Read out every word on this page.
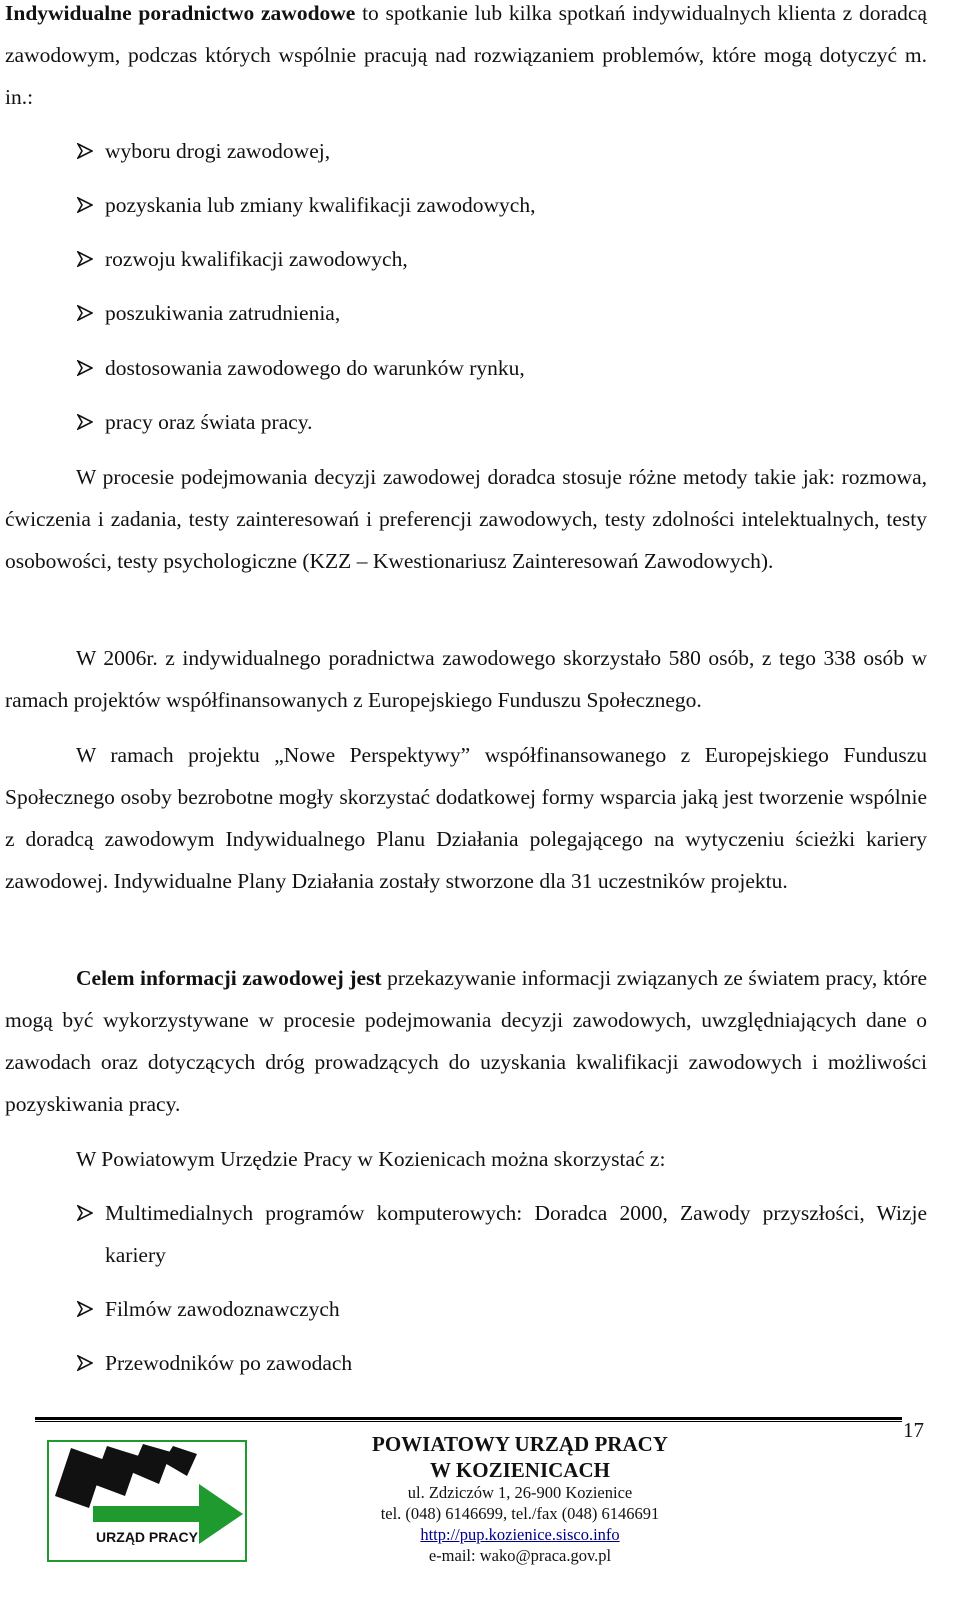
Indywidualne poradnictwo zawodowe to spotkanie lub kilka spotkań indywidualnych klienta z doradcą zawodowym, podczas których wspólnie pracują nad rozwiązaniem problemów, które mogą dotyczyć m. in.:

wyboru drogi zawodowej,
pozyskania lub zmiany kwalifikacji zawodowych,
rozwoju kwalifikacji zawodowych,
poszukiwania zatrudnienia,
dostosowania zawodowego do warunków rynku,
pracy oraz świata pracy.

W procesie podejmowania decyzji zawodowej doradca stosuje różne metody takie jak: rozmowa, ćwiczenia i zadania, testy zainteresowań i preferencji zawodowych, testy zdolności intelektualnych, testy osobowości, testy psychologiczne (KZZ – Kwestionariusz Zainteresowań Zawodowych).

W 2006r. z indywidualnego poradnictwa zawodowego skorzystało 580 osób, z tego 338 osób w ramach projektów współfinansowanych z Europejskiego Funduszu Społecznego.

W ramach projektu „Nowe Perspektywy” współfinansowanego z Europejskiego Funduszu Społecznego osoby bezrobotne mogły skorzystać dodatkowej formy wsparcia jaką jest tworzenie wspólnie z doradcą zawodowym Indywidualnego Planu Działania polegającego na wytyczeniu ścieżki kariery zawodowej. Indywidualne Plany Działania zostały stworzone dla 31 uczestników projektu.

Celem informacji zawodowej jest przekazywanie informacji związanych ze światem pracy, które mogą być wykorzystywane w procesie podejmowania decyzji zawodowych, uwzględniających dane o zawodach oraz dotyczących dróg prowadzących do uzyskania kwalifikacji zawodowych i możliwości pozyskiwania pracy.

W Powiatowym Urzędzie Pracy w Kozienicach można skorzystać z:

Multimedialnych programów komputerowych: Doradca 2000, Zawody przyszłości, Wizje kariery
Filmów zawodoznawczych
Przewodników po zawodach
17
URZĄD PRACY
POWIATOWY URZĄD PRACY
W KOZIENICACH
ul. Zdziczów 1, 26-900 Kozienice
tel. (048) 6146699, tel./fax (048) 6146691
http://pup.kozienice.sisco.info
e-mail: wako@praca.gov.pl
